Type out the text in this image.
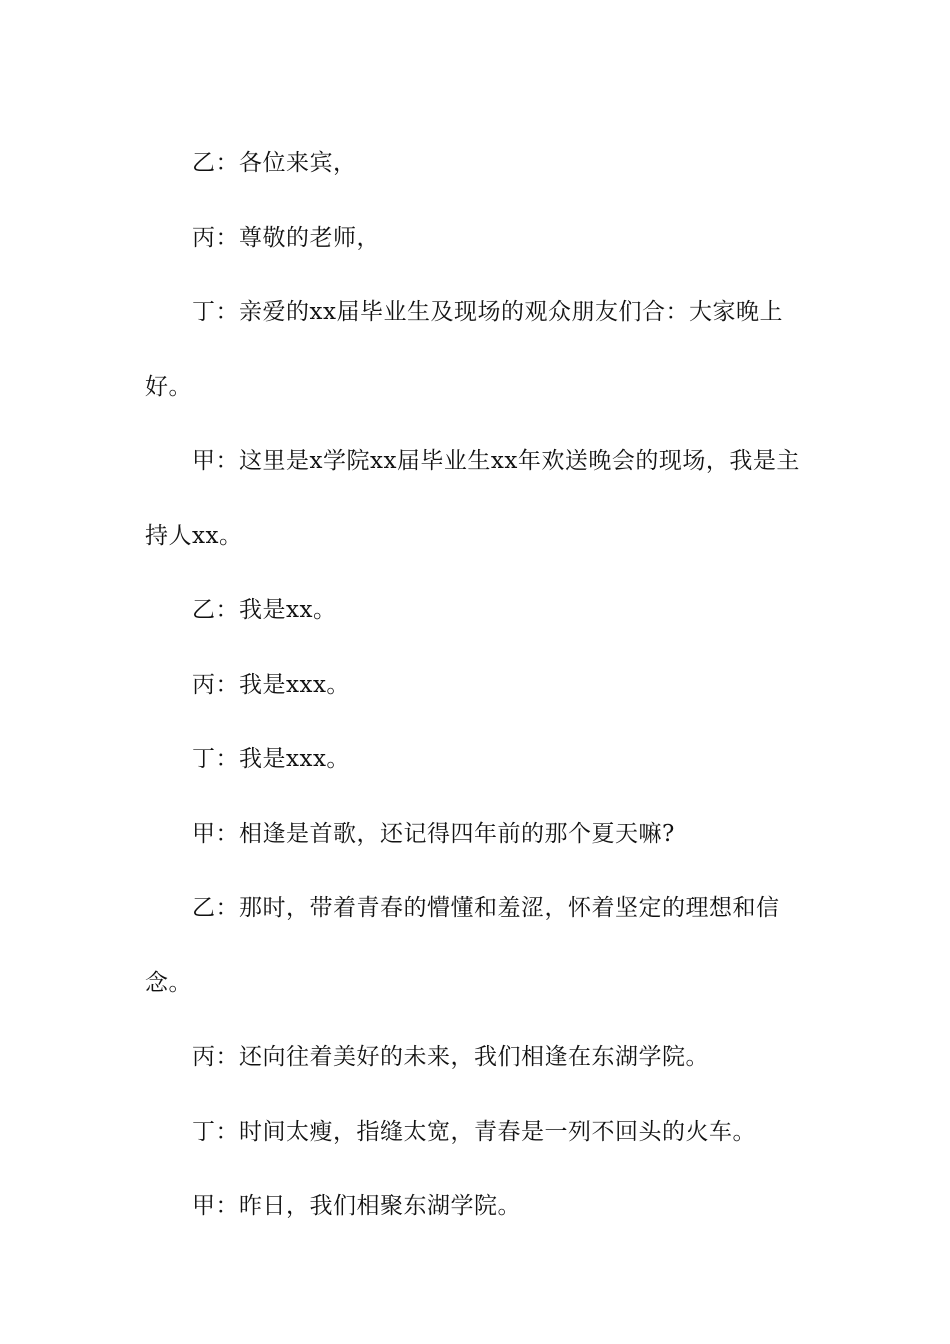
乙：各位来宾，

丙：尊敬的老师，

丁：亲爱的xx届毕业生及现场的观众朋友们合：大家晚上好。

甲：这里是x学院xx届毕业生xx年欢送晚会的现场，我是主持人xx。

乙：我是xx。

丙：我是xxx。

丁：我是xxx。

甲：相逢是首歌，还记得四年前的那个夏天嘛?

乙：那时，带着青春的懵懂和羞涩，怀着坚定的理想和信念。

丙：还向往着美好的未来，我们相逢在东湖学院。

丁：时间太瘦，指缝太宽，青春是一列不回头的火车。

甲：昨日，我们相聚东湖学院。
